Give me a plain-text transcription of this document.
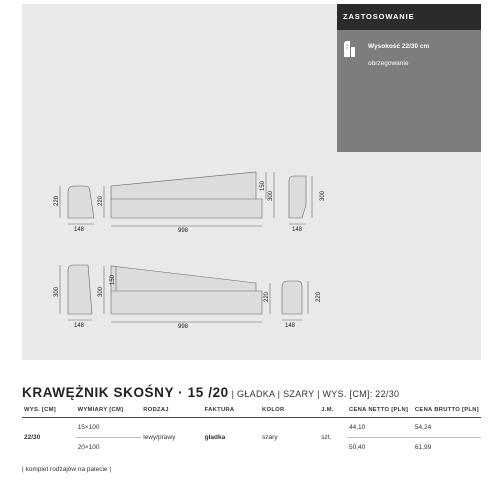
220
148
220
998
150
300	300
148
300
148
300
150
998
220	220
148
ZASTOSOWANIE
Wysokość 22/30 cm
obrzegowanie
KRAWĘŻNIK SKOŚNY · 15 /20 | GŁADKA | SZARY | WYS. [CM]: 22/30
WYS. [CM]	WYMIARY [CM]	RODZAJ	FAKTURA	KOLOR	J.M.	CENA NETTO [PLN]	CENA BRUTTO [PLN]
22/30	15×100	lewy/prawy	gładka	szary	szt.	44,10	54,24
	20×100					50,40	61,99
| komplet rodzajów na palecie |
